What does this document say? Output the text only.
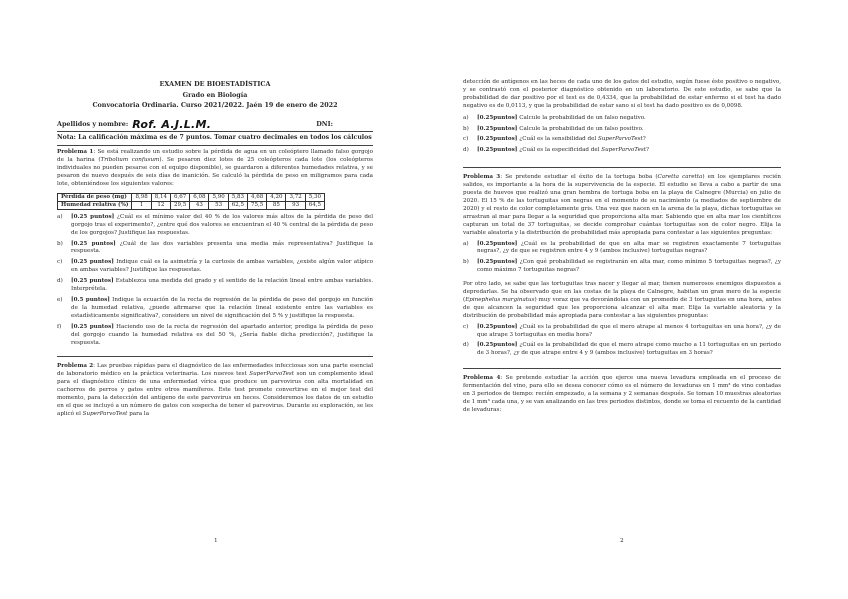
EXAMEN DE BIOESTADÍSTICA
Grado en Biología
Convocatoria Ordinaria. Curso 2021/2022. Jaén 19 de enero de 2022
Apellidos y nombre: Rof. A.J.L.M.	DNI:
Nota: La calificación máxima es de 7 puntos. Tomar cuatro decimales en todos los cálculos
Problema 1: Se está realizando un estudio sobre la pérdida de agua en un coleóptero llamado falso gorgojo de la harina (Tribolium confusum). Se pesaron diez lotes de 25 coleópteros cada lote (los coleópteros individuales no pueden pesarse con el equipo disponible), se guardaron a diferentes humedades relativa, y se pesaron de nuevo después de seis días de inanición. Se calculó la pérdida de peso en miligramos para cada lote, obteniéndose los siguientes valores:
Pérdida de peso (mg)	8,98	8,14	6,67	6,08	5,90	5,83	4,68	4,20	3,72	5,30
Humedad relativa (%)	1	12	29,5	43	53	62,5	75,5	85	93	64,5
a)	[0.25 puntos] ¿Cuál es el mínimo valor del 40 % de los valores más altos de la pérdida de peso del gorgojo tras el experimento?, ¿entre qué dos valores se encuentran el 40 % central de la pérdida de peso de los gorgojos? Justifique las respuestas.
b)	[0.25 puntos] ¿Cuál de las dos variables presenta una media más representativa? Justifique la respuesta.
c)	[0.25 puntos] Indique cuál es la asimetría y la curtosis de ambas variables, ¿existe algún valor atípico en ambas variables? Justifique las respuestas.
d)	[0.25 puntos] Establezca una medida del grado y el sentido de la relación lineal entre ambas variables. Interprétela.
e)	[0.5 puntos] Indique la ecuación de la recta de regresión de la pérdida de peso del gorgojo en función de la humedad relativa, ¿puede afirmarse que la relación lineal existente entre las variables es estadísticamente significativa?, considere un nivel de significación del 5 % y justifique la respuesta.
f)	[0.25 puntos] Haciendo uso de la recta de regresión del apartado anterior, prediga la pérdida de peso del gorgojo cuando la humedad relativa es del 50 %, ¿Sería fiable dicha predicción?, justifique la respuesta.
Problema 2: Las pruebas rápidas para el diagnóstico de las enfermedades infecciosas son una parte esencial de laboratorio médico en la práctica veterinaria. Los nuevos test SuperParvoTest son un complemento ideal para el diagnóstico clínico de una enfermedad vírica que produce un parvovirus con alta mortalidad en cachorros de perros y gatos entre otros mamíferos. Este test promete convertirse en el mejor test del momento, para la detección del antígeno de este parvovirus en heces. Consideremos los datos de un estudio en el que se incluyó a un número de gatos con sospecha de tener el parvovirus. Durante su exploración, se les aplicó el SuperParvoTest para la
1
detección de antígenos en las heces de cada uno de los gatos del estudio, según fuese éste positivo o negativo, y se contrastó con el posterior diagnóstico obtenido en un laboratorio. De este estudio, se sabe que la probabilidad de dar positivo por el test es de 0,4334, que la probabilidad de estar enfermo si el test ha dado negativo es de 0,0113, y que la probabilidad de estar sano si el test ha dado positivo es de 0,0098.
a)	[0.25puntos] Calcule la probabilidad de un falso negativo.
b)	[0.25puntos] Calcule la probabilidad de un falso positivo.
c)	[0.25puntos] ¿Cuál es la sensibilidad del SuperParvoTest?
d)	[0.25puntos] ¿Cuál es la especificidad del SuperParvoTest?
Problema 3: Se pretende estudiar el éxito de la tortuga boba (Caretta caretta) en los ejemplares recién salidos, es importante a la hora de la supervivencia de la especie. El estudio se lleva a cabo a partir de una puesta de huevos que realizó una gran hembra de tortuga boba en la playa de Calnegre (Murcia) en julio de 2020. El 15 % de las tortuguitas son negras en el momento de su nacimiento (a mediados de septiembre de 2020) y el resto de color completamente gris. Una vez que nacen en la arena de la playa, dichas tortuguitas se arrastran al mar para llegar a la seguridad que proporciona alta mar. Sabiendo que en alta mar los científicos capturan un total de 37 tortuguitas, se decide comprobar cuántas tortuguitas son de color negro. Elija la variable aleatoria y la distribución de probabilidad más apropiada para contestar a las siguientes preguntas:
a)	[0.25puntos] ¿Cuál es la probabilidad de que en alta mar se registren exactamente 7 tortuguitas negras?, ¿y de que se registren entre 4 y 9 (ambos inclusive) tortuguitas negras?
b)	[0.25puntos] ¿Con qué probabilidad se registrarán en alta mar, como mínimo 5 tortuguitas negras?, ¿y como máximo 7 tortuguitas negras?
Por otro lado, se sabe que las tortuguitas tras nacer y llegar al mar, tienen numerosos enemigos dispuestos a depredarlas. Se ha observado que en las costas de la playa de Calnegre, habitan un gran mero de la especie (Epinephelus marginatus) muy voraz que va devorándolas con un promedio de 3 tortuguitas en una hora, antes de que alcancen la seguridad que les proporciona alcanzar el alta mar. Elija la variable aleatoria y la distribución de probabilidad más apropiada para contestar a las siguientes preguntas:
c)	[0.25puntos] ¿Cuál es la probabilidad de que el mero atrape al menos 4 tortuguitas en una hora?, ¿y de que atrape 3 tortuguitas en media hora?
d)	[0.25puntos] ¿Cuál es la probabilidad de que el mero atrape como mucho a 11 tortuguitas en un periodo de 3 horas?, ¿y de que atrape entre 4 y 9 (ambos inclusive) tortuguitas en 3 horas?
Problema 4: Se pretende estudiar la acción que ejerce una nueva levadura empleada en el proceso de fermentación del vino, para ello se desea conocer cómo es el número de levaduras en 1 mm³ de vino contadas en 3 periodos de tiempo: recién empezado, a la semana y 2 semanas después. Se toman 10 muestras aleatorias de 1 mm³ cada una, y se van analizando en las tres periodos distintos, donde se toma el recuento de la cantidad de levaduras:
2
